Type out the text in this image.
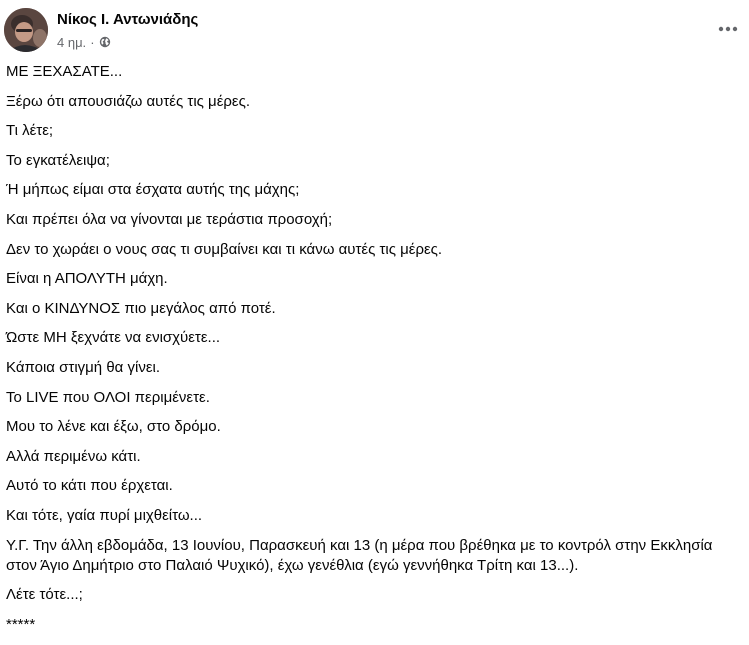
Νίκος Ι. Αντωνιάδης
4 ημ. ·
ΜΕ ΞΕΧΑΣΑΤΕ...
Ξέρω ότι απουσιάζω αυτές τις μέρες.
Τι λέτε;
Το εγκατέλειψα;
Ή μήπως είμαι στα έσχατα αυτής της μάχης;
Και πρέπει όλα να γίνονται με τεράστια προσοχή;
Δεν το χωράει ο νους σας τι συμβαίνει και τι κάνω αυτές τις μέρες.
Είναι η ΑΠΟΛΥΤΗ μάχη.
Και ο ΚΙΝΔΥΝΟΣ πιο μεγάλος από ποτέ.
Ώστε ΜΗ ξεχνάτε να ενισχύετε...
Κάποια στιγμή θα γίνει.
Το LIVE που ΟΛΟΙ περιμένετε.
Μου το λένε και έξω, στο δρόμο.
Αλλά περιμένω κάτι.
Αυτό το κάτι που έρχεται.
Και τότε, γαία πυρί μιχθείτω...
Υ.Γ. Την άλλη εβδομάδα, 13 Ιουνίου, Παρασκευή και 13 (η μέρα που βρέθηκα με το κοντρόλ στην Εκκλησία στον Άγιο Δημήτριο στο Παλαιό Ψυχικό), έχω γενέθλια (εγώ γεννήθηκα Τρίτη και 13...).
Λέτε τότε...;
*****
